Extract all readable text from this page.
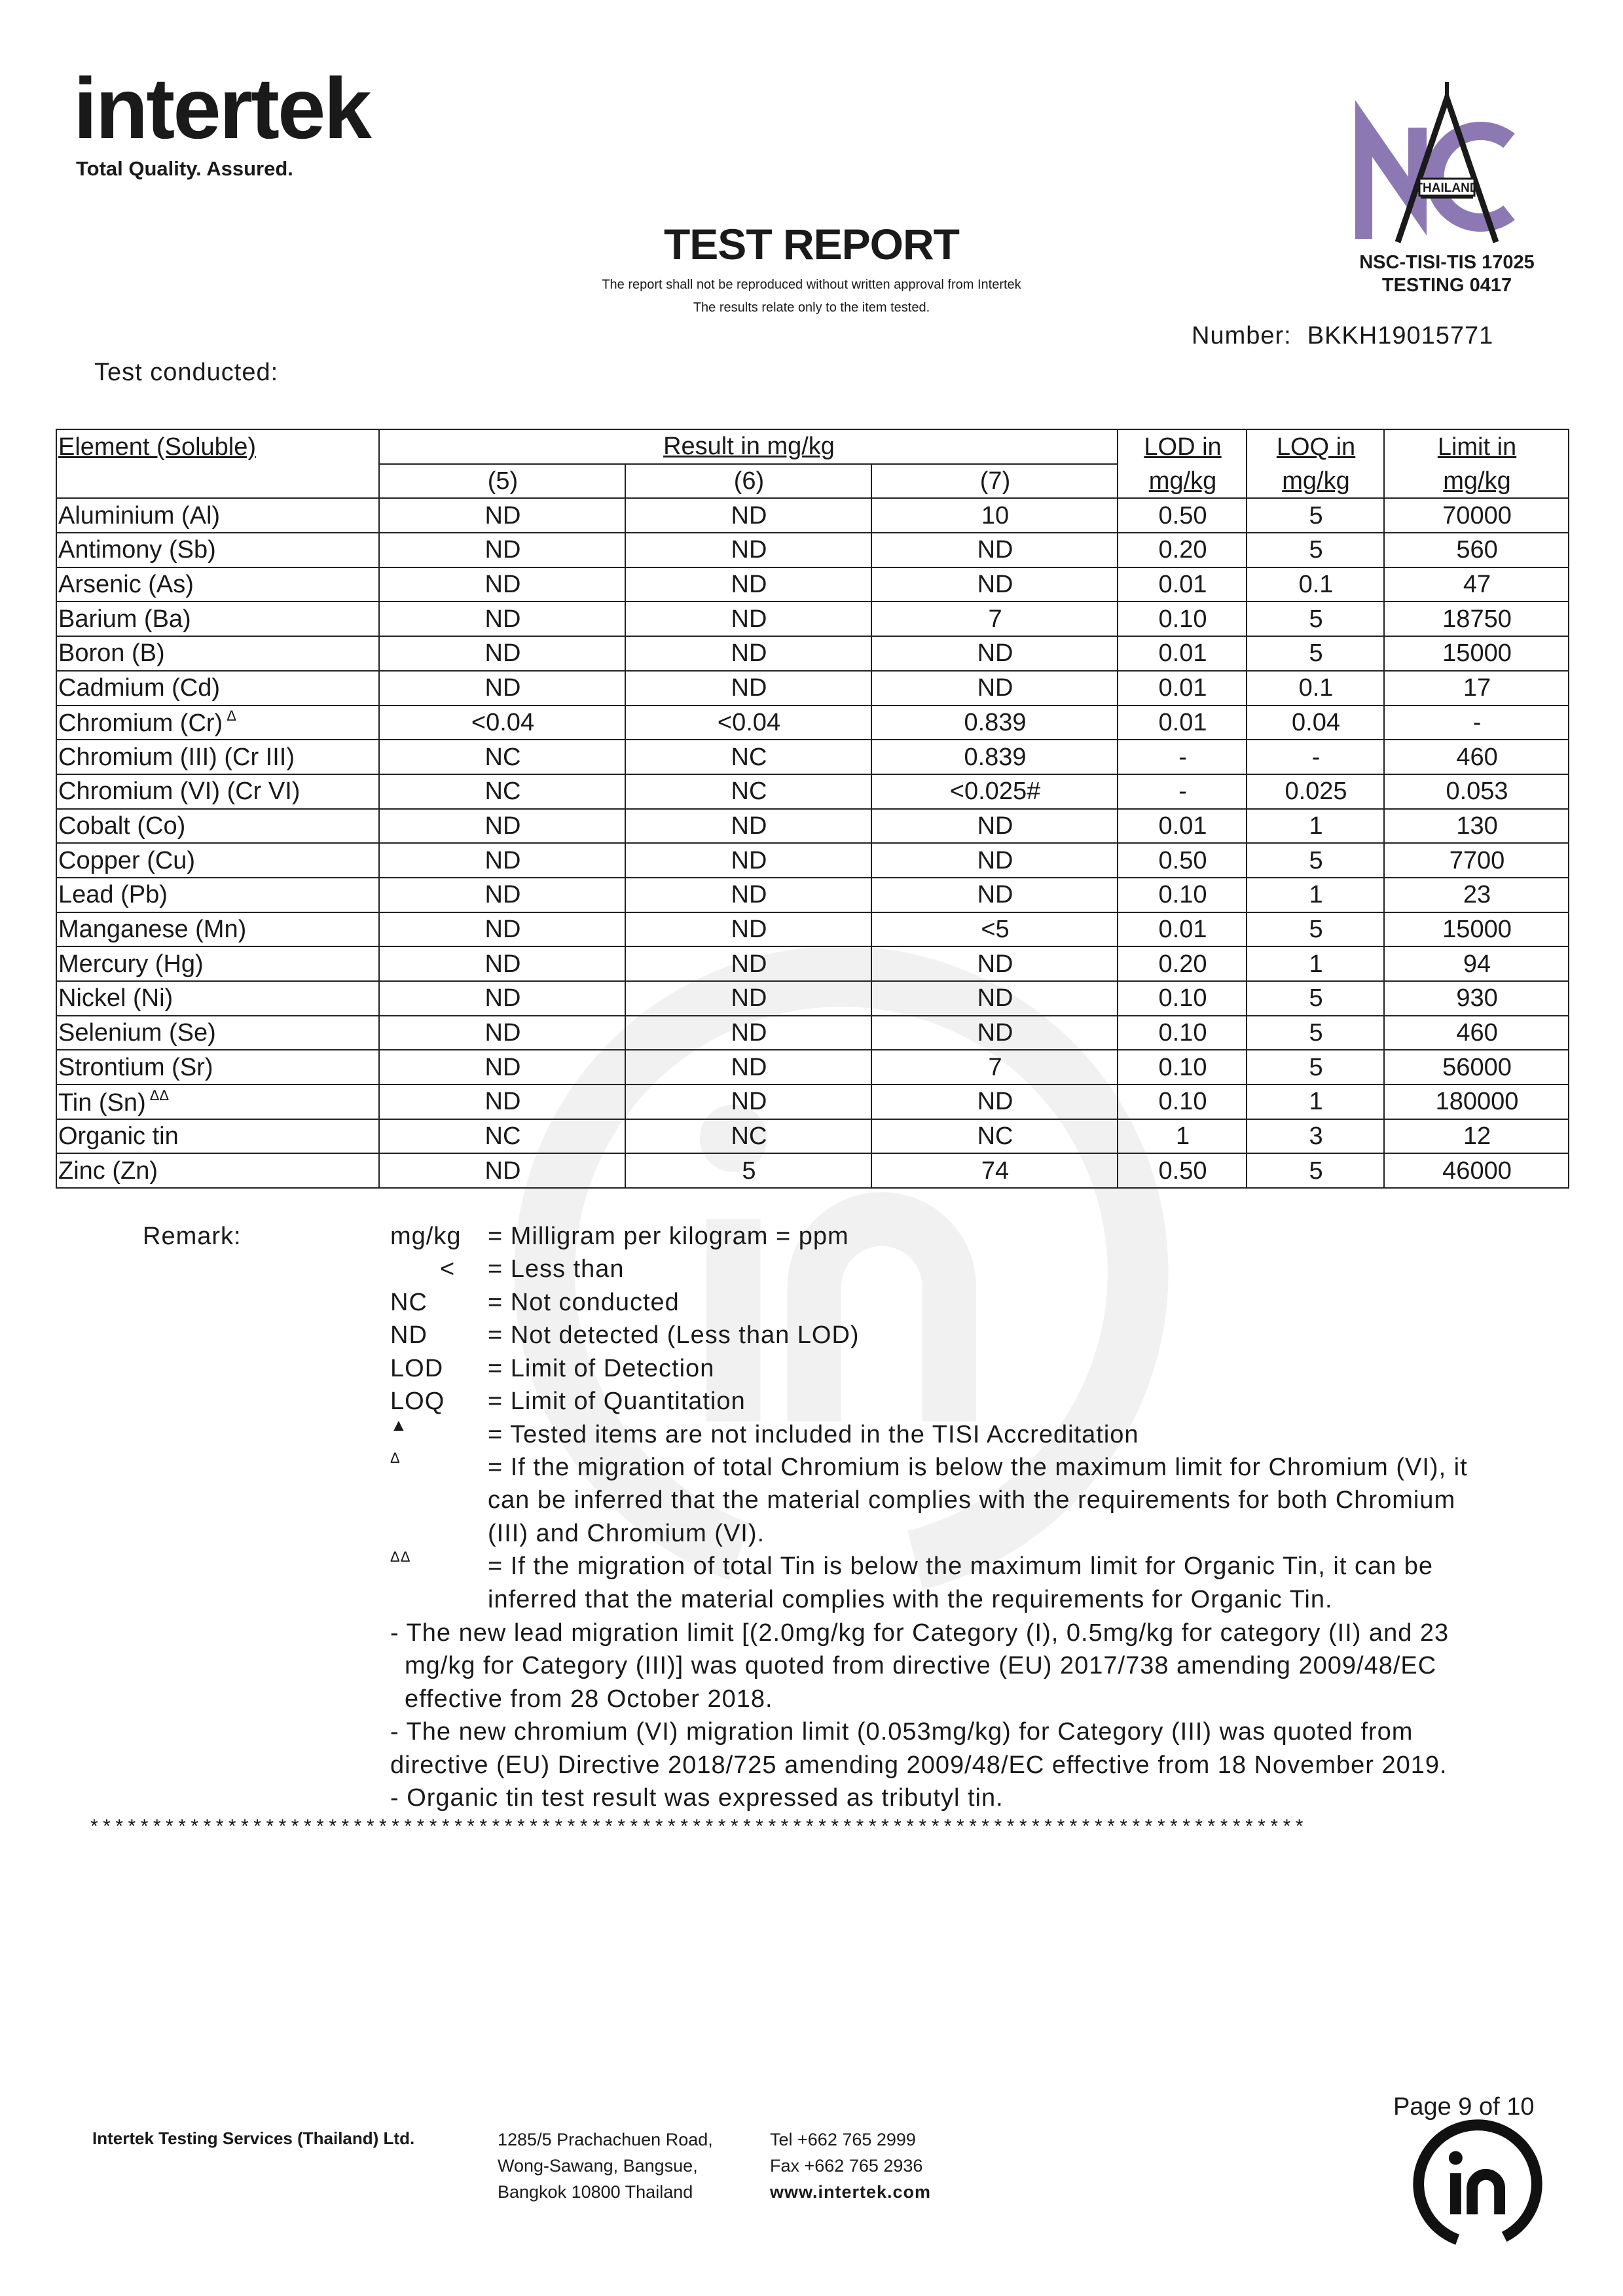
intertek
Total Quality. Assured.
TEST REPORT
The report shall not be reproduced without written approval from Intertek
The results relate only to the item tested.
THAILAND
NSC-TISI-TIS 17025
TESTING 0417
Number: BKKH19015771
Test conducted:
Element (Soluble)	Result in mg/kg			LOD in	LOQ in	Limit in
	(5)	(6)	(7)	mg/kg	mg/kg	mg/kg
Aluminium (Al)	ND	ND	10	0.50	5	70000
Antimony (Sb)	ND	ND	ND	0.20	5	560
Arsenic (As)	ND	ND	ND	0.01	0.1	47
Barium (Ba)	ND	ND	7	0.10	5	18750
Boron (B)	ND	ND	ND	0.01	5	15000
Cadmium (Cd)	ND	ND	ND	0.01	0.1	17
Chromium (Cr) $^\Delta$	<0.04	<0.04	0.839	0.01	0.04	-
Chromium (III) (Cr III)	NC	NC	0.839	-	-	460
Chromium (VI) (Cr VI)	NC	NC	<0.025#	-	0.025	0.053
Cobalt (Co)	ND	ND	ND	0.01	1	130
Copper (Cu)	ND	ND	ND	0.50	5	7700
Lead (Pb)	ND	ND	ND	0.10	1	23
Manganese (Mn)	ND	ND	<5	0.01	5	15000
Mercury (Hg)	ND	ND	ND	0.20	1	94
Nickel (Ni)	ND	ND	ND	0.10	5	930
Selenium (Se)	ND	ND	ND	0.10	5	460
Strontium (Sr)	ND	ND	7	0.10	5	56000
Tin (Sn) $^{\Delta\Delta}$	ND	ND	ND	0.10	1	180000
Organic tin	NC	NC	NC	1	3	12
Zinc (Zn)	ND	5	74	0.50	5	46000
Remark:	mg/kg = Milligram per kilogram = ppm
< = Less than
NC = Not conducted
ND = Not detected (Less than LOD)
LOD = Limit of Detection
LOQ = Limit of Quantitation
▲	= Tested items are not included in the TISI Accreditation
Δ	= If the migration of total Chromium is below the maximum limit for Chromium (VI), it
can be inferred that the material complies with the requirements for both Chromium
(III) and Chromium (VI).
ΔΔ	= If the migration of total Tin is below the maximum limit for Organic Tin, it can be
inferred that the material complies with the requirements for Organic Tin.
- The new lead migration limit [(2.0mg/kg for Category (I), 0.5mg/kg for category (II) and 23
mg/kg for Category (III)] was quoted from directive (EU) 2017/738 amending 2009/48/EC
effective from 28 October 2018.
- The new chromium (VI) migration limit (0.053mg/kg) for Category (III) was quoted from
directive (EU) Directive 2018/725 amending 2009/48/EC effective from 18 November 2019.
- Organic tin test result was expressed as tributyl tin.
*************************************************************************************************
Page 9 of 10
Intertek Testing Services (Thailand) Ltd.	1285/5 Prachachuen Road,
Wong-Sawang, Bangsue,
Bangkok 10800 Thailand
Tel +662 765 2999
Fax +662 765 2936
www.intertek.com
